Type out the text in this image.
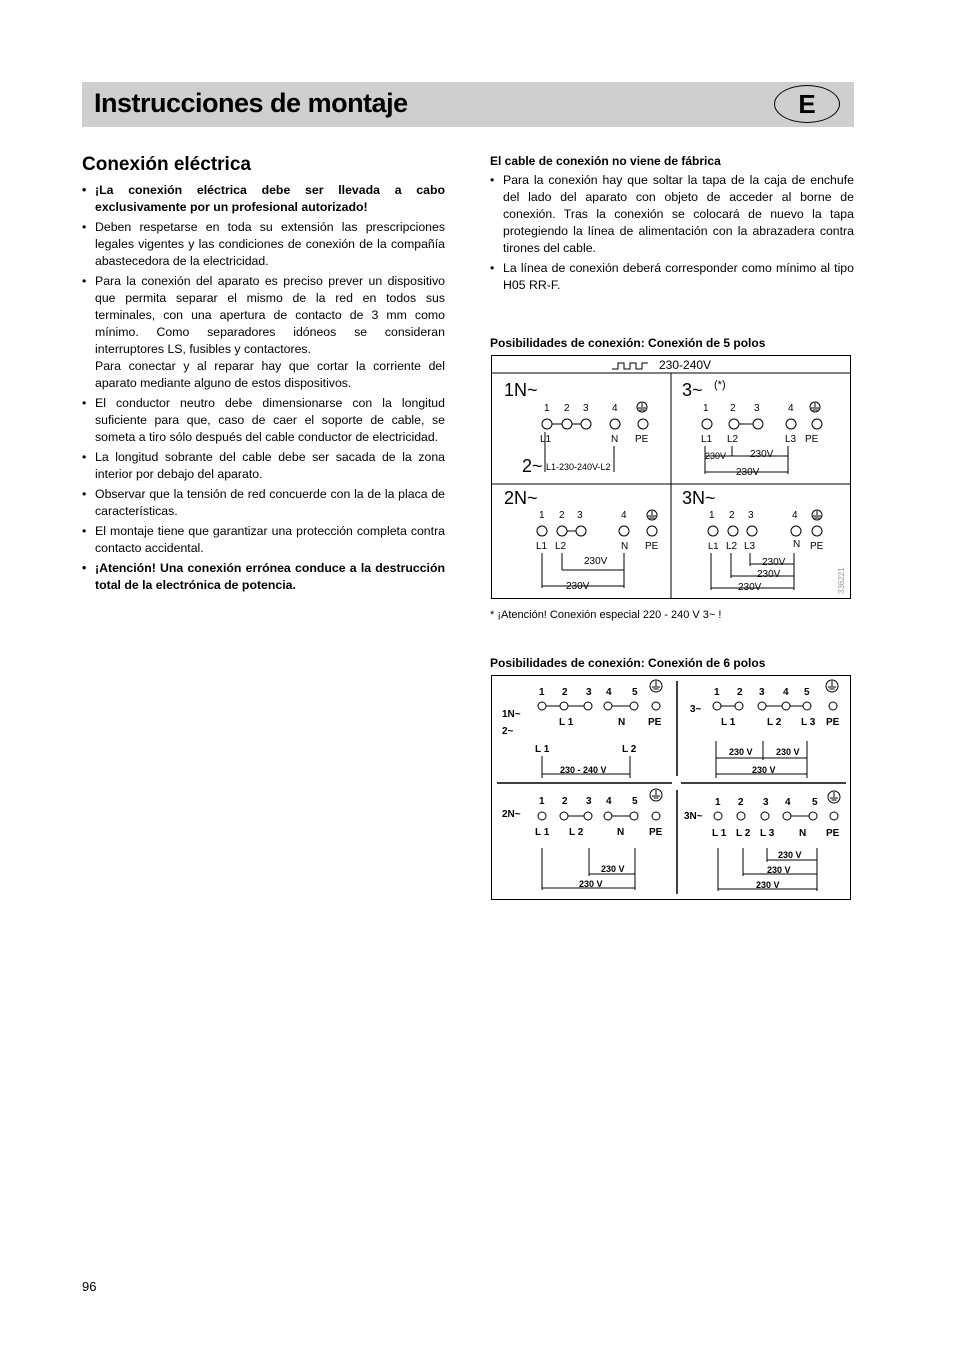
Instrucciones de montaje	E
Conexión eléctrica
• ¡La conexión eléctrica debe ser llevada a cabo exclusivamente por un profesional autorizado!
• Deben respetarse en toda su extensión las prescripciones legales vigentes y las condiciones de conexión de la compañía abastecedora de la electricidad.
• Para la conexión del aparato es preciso prever un dispositivo que permita separar el mismo de la red en todos sus terminales, con una apertura de contacto de 3 mm como mínimo. Como separadores idóneos se consideran interruptores LS, fusibles y contactores.
Para conectar y al reparar hay que cortar la corriente del aparato mediante alguno de estos dispositivos.
• El conductor neutro debe dimensionarse con la longitud suficiente para que, caso de caer el soporte de cable, se someta a tiro sólo después del cable conductor de electricidad.
• La longitud sobrante del cable debe ser sacada de la zona interior por debajo del aparato.
• Observar que la tensión de red concuerde con la de la placa de características.
• El montaje tiene que garantizar una protección completa contra contacto accidental.
• ¡Atención! Una conexión errónea conduce a la destrucción total de la electrónica de potencia.
El cable de conexión no viene de fábrica
• Para la conexión hay que soltar la tapa de la caja de enchufe del lado del aparato con objeto de acceder al borne de conexión. Tras la conexión se colocará de nuevo la tapa protegiendo la línea de alimentación con la abrazadera contra tirones del cable.
• La línea de conexión deberá corresponder como mínimo al tipo H05 RR-F.
Posibilidades de conexión: Conexión de 5 polos
230-240V
1N~
2~
1 2 3 4
L1	N PE
L1-230-240V-L2
3~ (*)
1 2 3	4
L1 L2	L3 PE
230V 230V
230V
2N~
1 2 3	4
L1 L2	N PE
230V
230V
3N~
1 2 3	4
L1 L2 L3	N PE
230V
230V
230V	336221
* ¡Atención! Conexión especial 220 - 240 V 3~ !
Posibilidades de conexión: Conexión de 6 polos
1 2 3 4 5
1N~
2~
L 1	N PE
L 1	L 2
230 - 240 V
1 2 3 4 5
3~
L 1	L 2 L 3 PE
230 V	230 V
230 V
1 2 3 4 5
2N~
L 1 L 2	N PE
230 V
230 V
1 2 3 4 5
3N~
L 1 L 2 L 3 N PE
230 V
230 V
230 V
96
